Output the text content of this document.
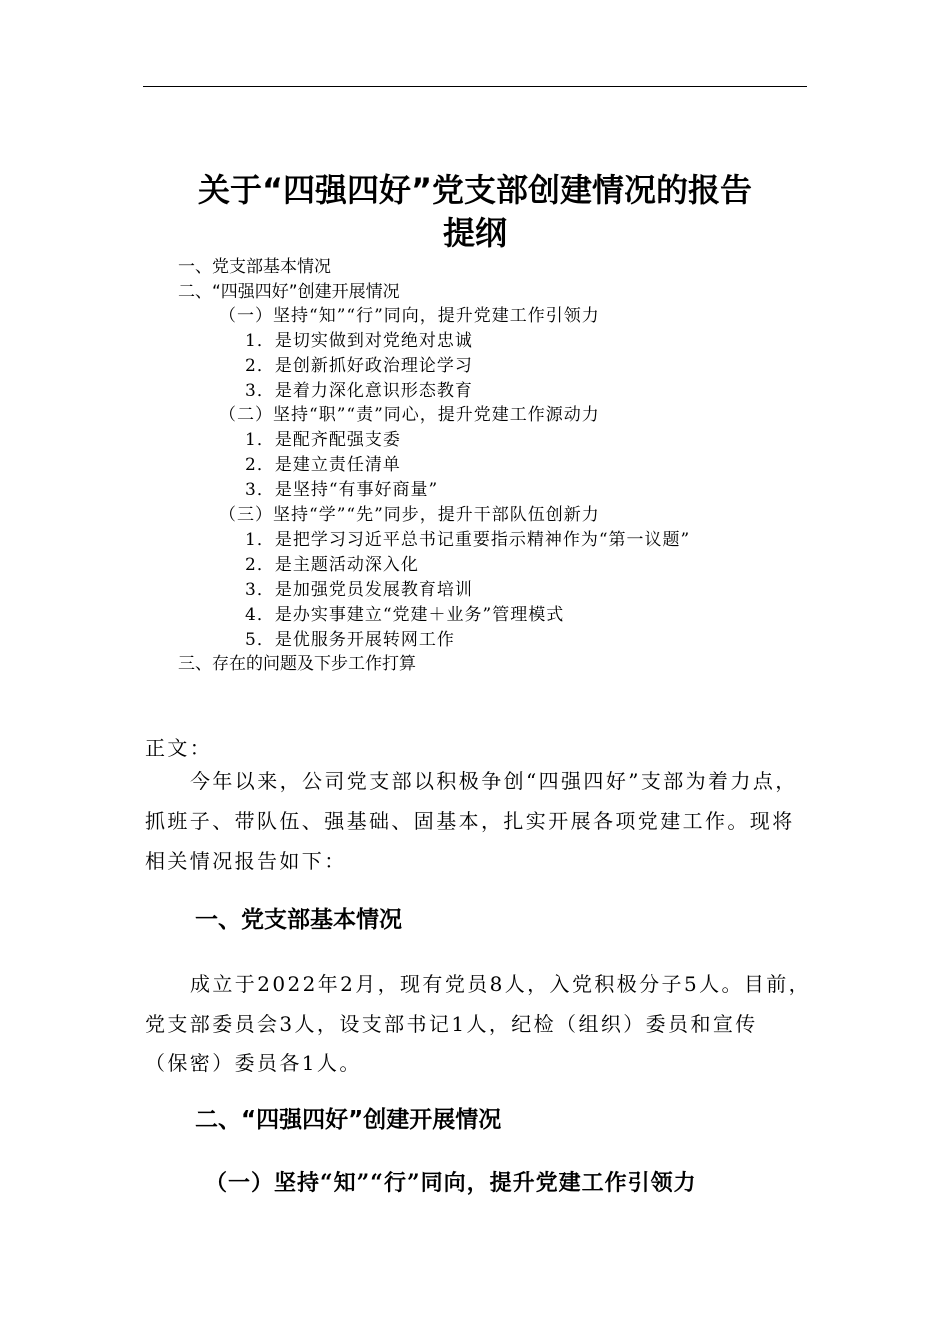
关于“四强四好”党支部创建情况的报告
提纲
一、党支部基本情况
二、“四强四好”创建开展情况
（一）坚持“知”“行”同向，提升党建工作引领力
1．是切实做到对党绝对忠诚
2．是创新抓好政治理论学习
3．是着力深化意识形态教育
（二）坚持“职”“责”同心，提升党建工作源动力
1．是配齐配强支委
2．是建立责任清单
3．是坚持“有事好商量”
（三）坚持“学”“先”同步，提升干部队伍创新力
1．是把学习习近平总书记重要指示精神作为“第一议题”
2．是主题活动深入化
3．是加强党员发展教育培训
4．是办实事建立“党建＋业务”管理模式
5．是优服务开展转网工作
三、存在的问题及下步工作打算
正文：
今年以来，公司党支部以积极争创“四强四好”支部为着力点，
抓班子、带队伍、强基础、固基本，扎实开展各项党建工作。现将
相关情况报告如下：
一、党支部基本情况
成立于2022年2月，现有党员8人，入党积极分子5人。目前，
党支部委员会3人，设支部书记1人，纪检（组织）委员和宣传
（保密）委员各1人。
二、“四强四好”创建开展情况
（一）坚持“知”“行”同向，提升党建工作引领力
